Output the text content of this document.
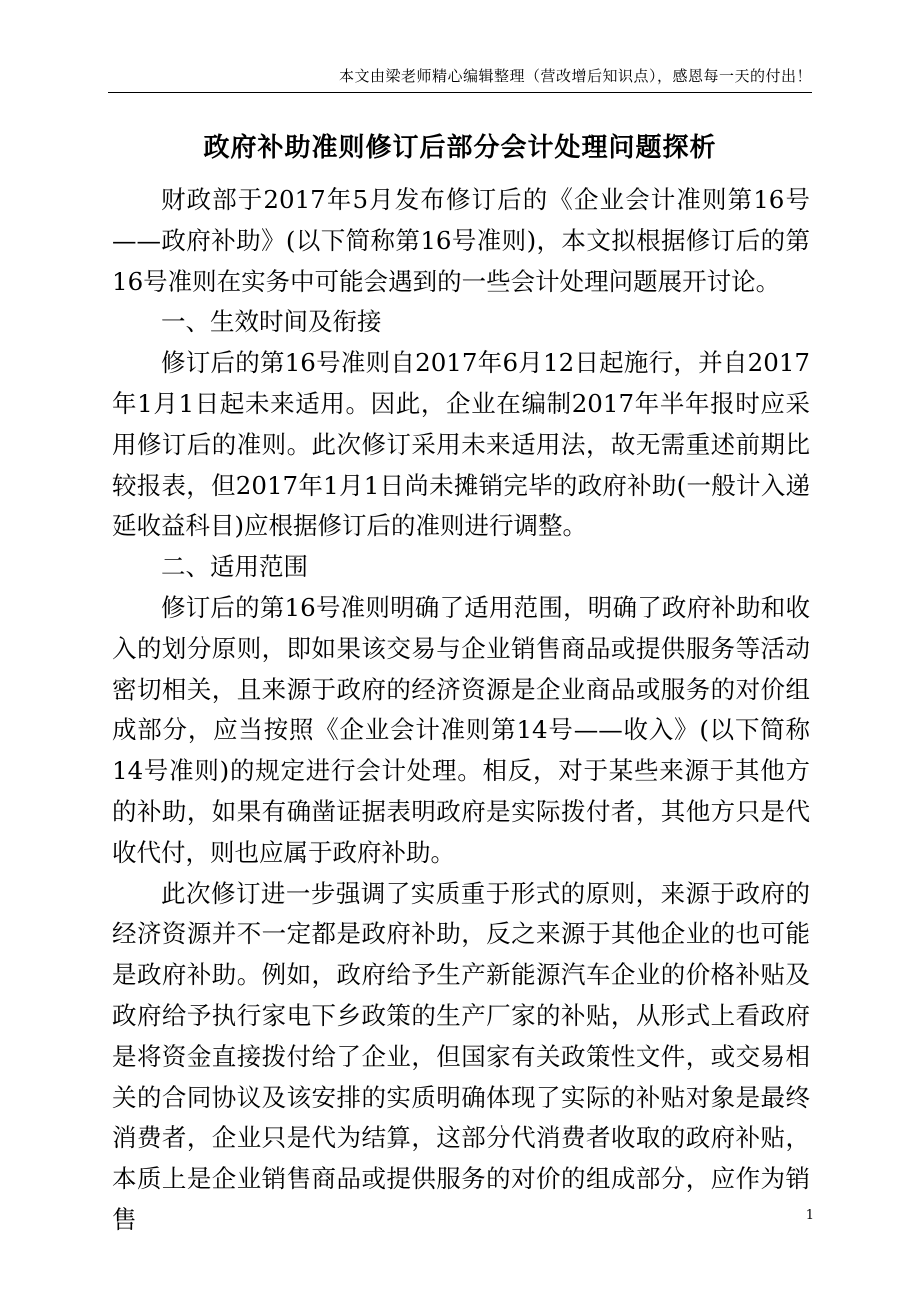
本文由梁老师精心编辑整理（营改增后知识点），感恩每一天的付出！
政府补助准则修订后部分会计处理问题探析

财政部于2017年5月发布修订后的《企业会计准则第16号——政府补助》(以下简称第16号准则)，本文拟根据修订后的第16号准则在实务中可能会遇到的一些会计处理问题展开讨论。

一、生效时间及衔接

修订后的第16号准则自2017年6月12日起施行，并自2017年1月1日起未来适用。因此，企业在编制2017年半年报时应采用修订后的准则。此次修订采用未来适用法，故无需重述前期比较报表，但2017年1月1日尚未摊销完毕的政府补助(一般计入递延收益科目)应根据修订后的准则进行调整。

二、适用范围

修订后的第16号准则明确了适用范围，明确了政府补助和收入的划分原则，即如果该交易与企业销售商品或提供服务等活动密切相关，且来源于政府的经济资源是企业商品或服务的对价组成部分，应当按照《企业会计准则第14号——收入》(以下简称14号准则)的规定进行会计处理。相反，对于某些来源于其他方的补助，如果有确凿证据表明政府是实际拨付者，其他方只是代收代付，则也应属于政府补助。

此次修订进一步强调了实质重于形式的原则，来源于政府的经济资源并不一定都是政府补助，反之来源于其他企业的也可能是政府补助。例如，政府给予生产新能源汽车企业的价格补贴及政府给予执行家电下乡政策的生产厂家的补贴，从形式上看政府是将资金直接拨付给了企业，但国家有关政策性文件，或交易相关的合同协议及该安排的实质明确体现了实际的补贴对象是最终消费者，企业只是代为结算，这部分代消费者收取的政府补贴，本质上是企业销售商品或提供服务的对价的组成部分，应作为销售	1
